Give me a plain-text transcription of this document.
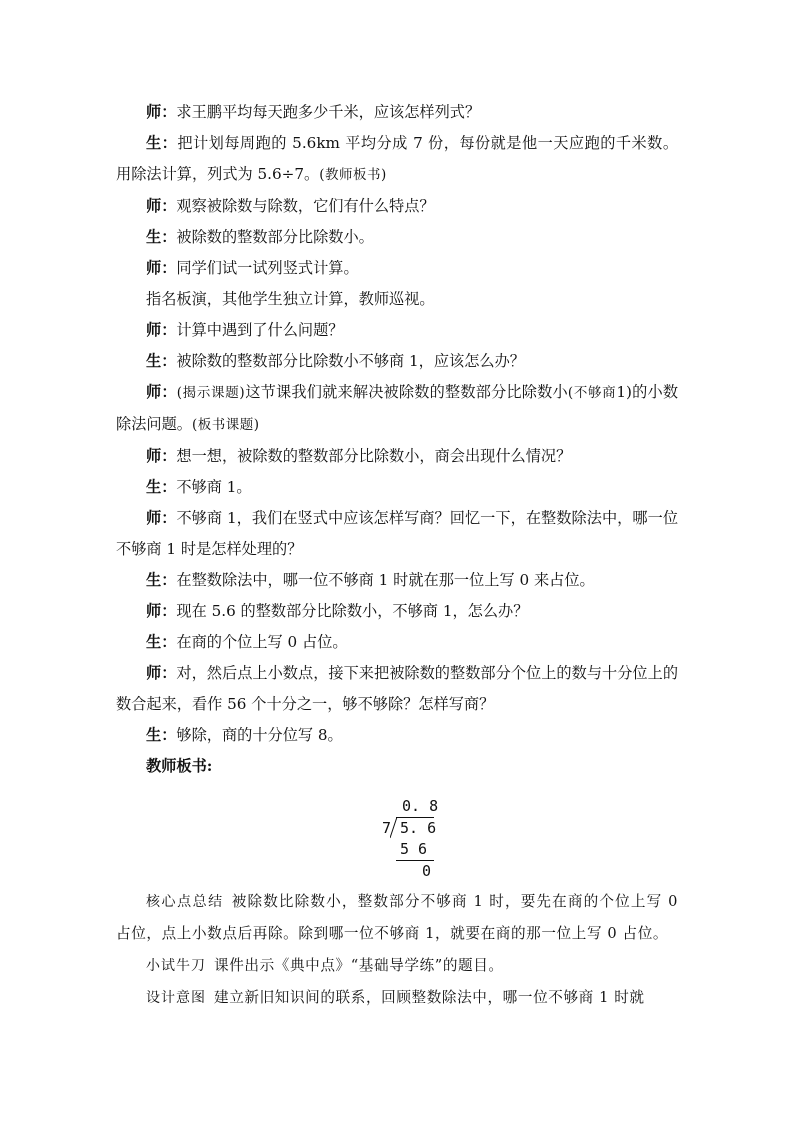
师：求王鹏平均每天跑多少千米，应该怎样列式？

生：把计划每周跑的 5.6km 平均分成 7 份，每份就是他一天应跑的千米数。用除法计算，列式为 5.6÷7。(教师板书)

师：观察被除数与除数，它们有什么特点？

生：被除数的整数部分比除数小。

师：同学们试一试列竖式计算。

指名板演，其他学生独立计算，教师巡视。

师：计算中遇到了什么问题？

生：被除数的整数部分比除数小不够商 1，应该怎么办？

师：(揭示课题)这节课我们就来解决被除数的整数部分比除数小(不够商1)的小数除法问题。(板书课题)

师：想一想，被除数的整数部分比除数小，商会出现什么情况？

生：不够商 1。

师：不够商 1，我们在竖式中应该怎样写商？回忆一下，在整数除法中，哪一位不够商 1 时是怎样处理的？

生：在整数除法中，哪一位不够商 1 时就在那一位上写 0 来占位。

师：现在 5.6 的整数部分比除数小，不够商 1，怎么办？

生：在商的个位上写 0 占位。

师：对，然后点上小数点，接下来把被除数的整数部分个位上的数与十分位上的数合起来，看作 56 个十分之一，够不够除？怎样写商？

生：够除，商的十分位写 8。

教师板书:

0. 8
7 5. 6
5 6
0

核心点总结 被除数比除数小，整数部分不够商 1 时，要先在商的个位上写 0 占位，点上小数点后再除。除到哪一位不够商 1，就要在商的那一位上写 0 占位。

小试牛刀 课件出示《典中点》“基础导学练”的题目。

设计意图 建立新旧知识间的联系，回顾整数除法中，哪一位不够商 1 时就
